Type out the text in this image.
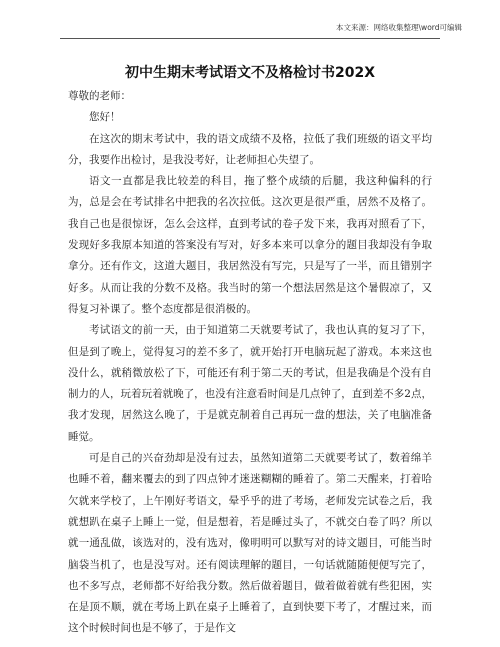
本文来源：网络收集整理\word可编辑
初中生期末考试语文不及格检讨书202X

尊敬的老师：

您好！

在这次的期末考试中，我的语文成绩不及格，拉低了我们班级的语文平均分，我要作出检讨，是我没考好，让老师担心失望了。

语文一直都是我比较差的科目，拖了整个成绩的后腿，我这种偏科的行为，总是会在考试排名中把我的名次拉低。这次更是很严重，居然不及格了。我自己也是很惊讶，怎么会这样，直到考试的卷子发下来，我再对照看了下，发现好多我原本知道的答案没有写对，好多本来可以拿分的题目我却没有争取拿分。还有作文，这道大题目，我居然没有写完，只是写了一半，而且错别字好多。从而让我的分数不及格。我当时的第一个想法居然是这个暑假凉了，又得复习补课了。整个态度都是很消极的。

考试语文的前一天，由于知道第二天就要考试了，我也认真的复习了下，但是到了晚上，觉得复习的差不多了，就开始打开电脑玩起了游戏。本来这也没什么，就稍微放松了下，可能还有利于第二天的考试，但是我确是个没有自制力的人，玩着玩着就晚了，也没有注意看时间是几点钟了，直到差不多2点，我才发现，居然这么晚了，于是就克制着自己再玩一盘的想法，关了电脑准备睡觉。

可是自己的兴奋劲却是没有过去，虽然知道第二天就要考试了，数着绵羊也睡不着，翻来覆去的到了四点钟才迷迷糊糊的睡着了。第二天醒来，打着哈欠就来学校了，上午刚好考语文，晕乎乎的进了考场，老师发完试卷之后，我就想趴在桌子上睡上一觉，但是想着，若是睡过头了，不就交白卷了吗？所以就一通乱做，该选对的，没有选对，像明明可以默写对的诗文题目，可能当时脑袋当机了，也是没写对。还有阅读理解的题目，一句话就随随便便写完了，也不多写点，老师都不好给我分数。然后做着题目，做着做着就有些犯困，实在是顶不顺，就在考场上趴在桌子上睡着了，直到快要下考了，才醒过来，而这个时候时间也是不够了，于是作文
